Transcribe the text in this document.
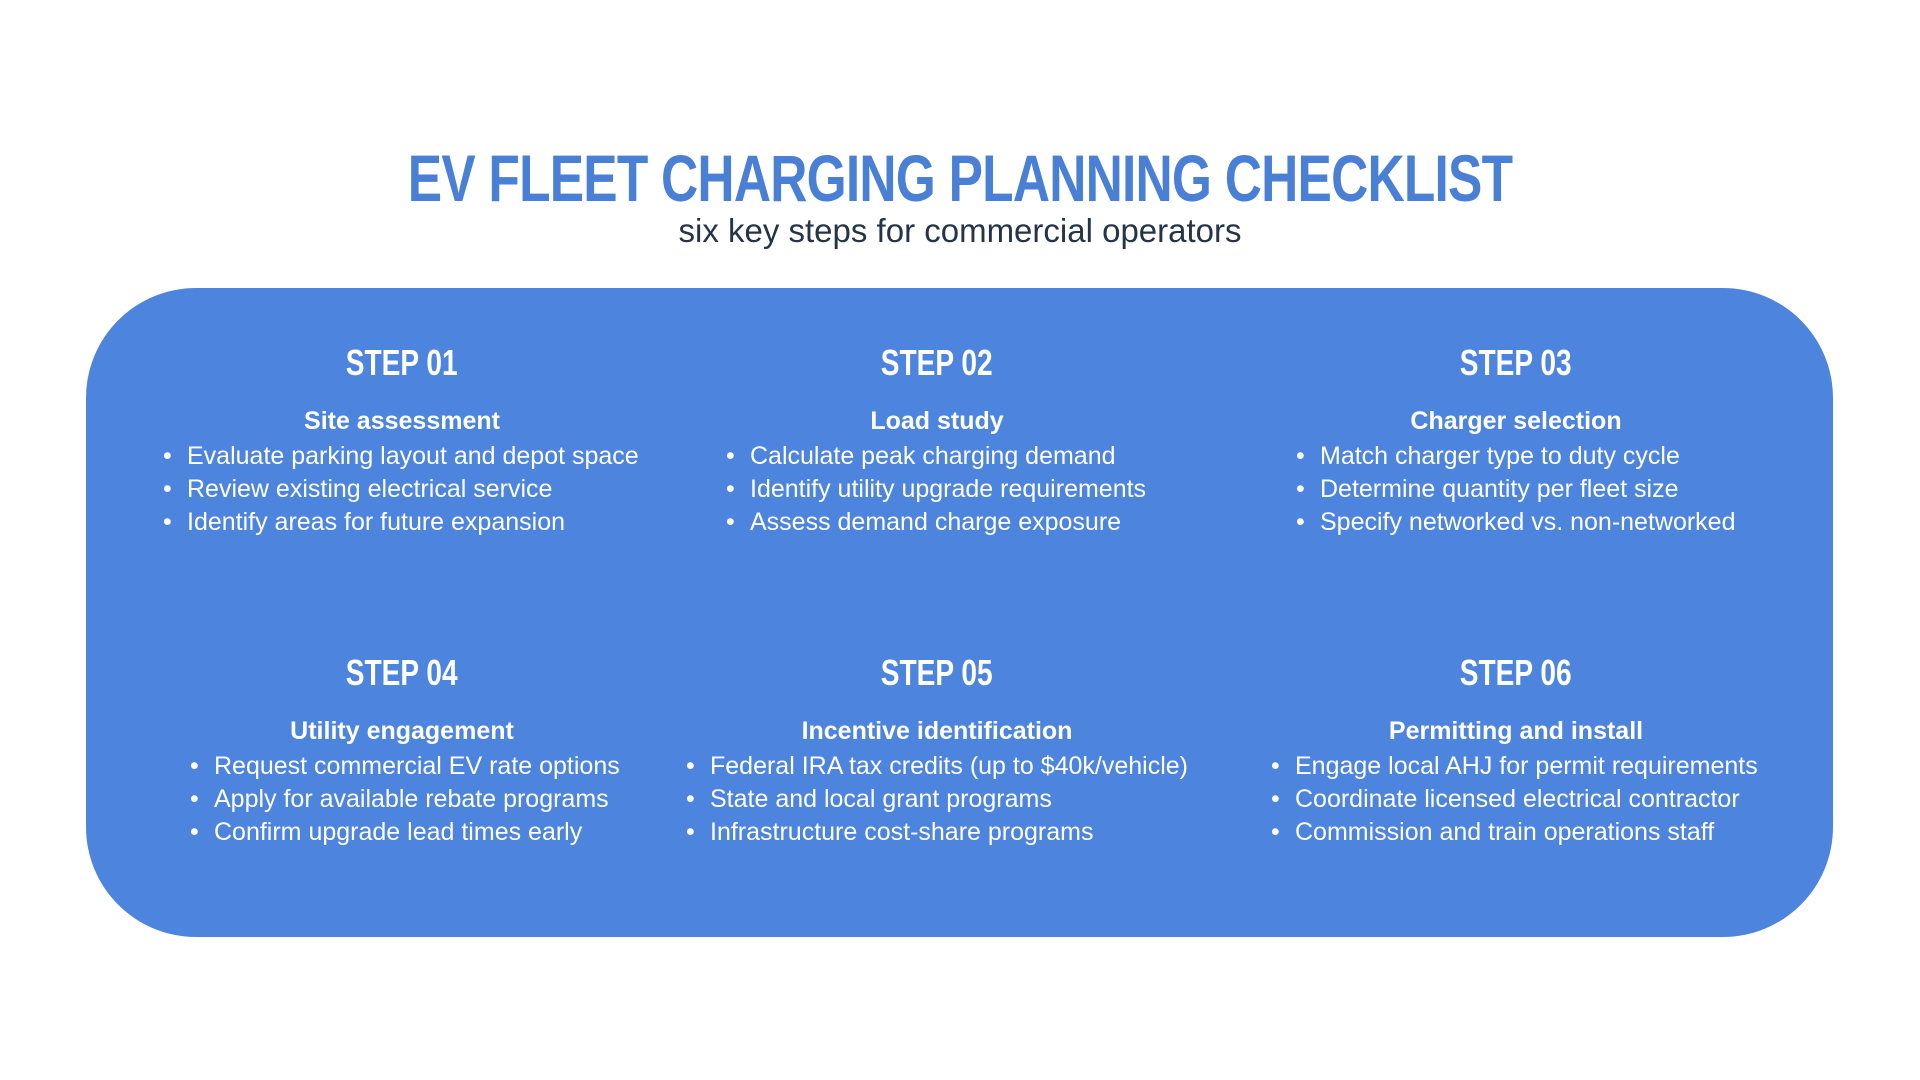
EV FLEET CHARGING PLANNING CHECKLIST
six key steps for commercial operators
STEP 01
Site assessment
• Evaluate parking layout and depot space
• Review existing electrical service
• Identify areas for future expansion
STEP 02
Load study
• Calculate peak charging demand
• Identify utility upgrade requirements
• Assess demand charge exposure
STEP 03
Charger selection
• Match charger type to duty cycle
• Determine quantity per fleet size
• Specify networked vs. non-networked
STEP 04
Utility engagement
• Request commercial EV rate options
• Apply for available rebate programs
• Confirm upgrade lead times early
STEP 05
Incentive identification
• Federal IRA tax credits (up to $40k/vehicle)
• State and local grant programs
• Infrastructure cost-share programs
STEP 06
Permitting and install
• Engage local AHJ for permit requirements
• Coordinate licensed electrical contractor
• Commission and train operations staff
